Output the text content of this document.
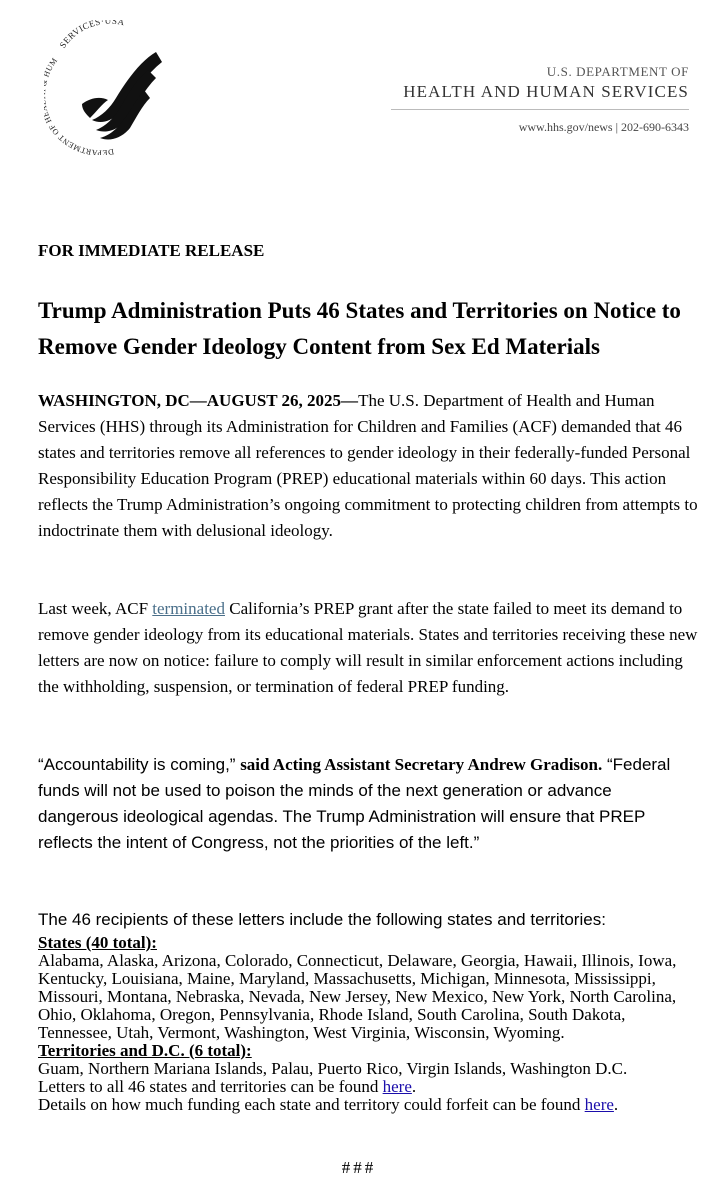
SERVICES·USA
DEPARTMENT OF UM
U.S. DEPARTMENT OF
HEALTH AND HUMAN SERVICES
www.hhs.gov/news | 202-690-6343
FOR IMMEDIATE RELEASE
Trump Administration Puts 46 States and Territories on Notice to Remove Gender Ideology Content from Sex Ed Materials
WASHINGTON, DC—AUGUST 26, 2025—The U.S. Department of Health and Human Services (HHS) through its Administration for Children and Families (ACF) demanded that 46 states and territories remove all references to gender ideology in their federally-funded Personal Responsibility Education Program (PREP) educational materials within 60 days. This action reflects the Trump Administration’s ongoing commitment to protecting children from attempts to indoctrinate them with delusional ideology.
Last week, ACF terminated California’s PREP grant after the state failed to meet its demand to remove gender ideology from its educational materials. States and territories receiving these new letters are now on notice: failure to comply will result in similar enforcement actions including the withholding, suspension, or termination of federal PREP funding.
“Accountability is coming,” said Acting Assistant Secretary Andrew Gradison. “Federal funds will not be used to poison the minds of the next generation or advance dangerous ideological agendas. The Trump Administration will ensure that PREP reflects the intent of Congress, not the priorities of the left.”
The 46 recipients of these letters include the following states and territories:
States (40 total):
Alabama, Alaska, Arizona, Colorado, Connecticut, Delaware, Georgia, Hawaii, Illinois, Iowa, Kentucky, Louisiana, Maine, Maryland, Massachusetts, Michigan, Minnesota, Mississippi, Missouri, Montana, Nebraska, Nevada, New Jersey, New Mexico, New York, North Carolina, Ohio, Oklahoma, Oregon, Pennsylvania, Rhode Island, South Carolina, South Dakota, Tennessee, Utah, Vermont, Washington, West Virginia, Wisconsin, Wyoming.
Territories and D.C. (6 total):
Guam, Northern Mariana Islands, Palau, Puerto Rico, Virgin Islands, Washington D.C.
Letters to all 46 states and territories can be found here.
Details on how much funding each state and territory could forfeit can be found here.
###
